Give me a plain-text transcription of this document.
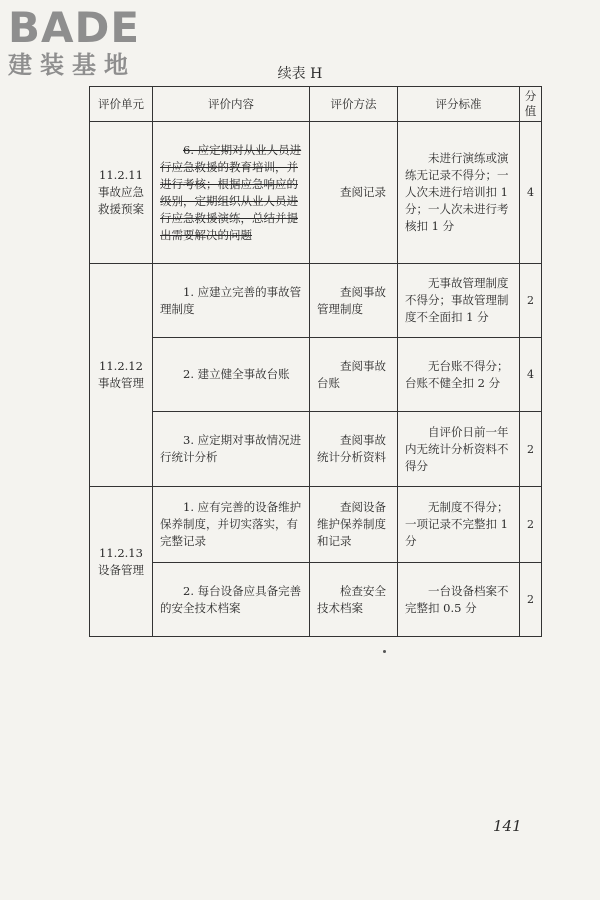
BADE
建装基地	续表 H
评价单元	评价内容	评价方法	评分标准	分值
11.2.11 事故应急救援预案	6. 应定期对从业人员进行应急救援的教育培训，并进行考核；根据应急响应的级别，定期组织从业人员进行应急救援演练，总结并提出需要解决的问题	查阅记录	未进行演练或演练无记录不得分；一人次未进行培训扣 1 分；一人次未进行考核扣 1 分	4
11.2.12 事故管理	1. 应建立完善的事故管理制度	查阅事故管理制度	无事故管理制度不得分；事故管理制度不全面扣 1 分	2
	2. 建立健全事故台账	查阅事故台账	无台账不得分；台账不健全扣 2 分	4
	3. 应定期对事故情况进行统计分析	查阅事故统计分析资料	自评价日前一年内无统计分析资料不得分	2
11.2.13 设备管理	1. 应有完善的设备维护保养制度，并切实落实，有完整记录	查阅设备维护保养制度和记录	无制度不得分；一项记录不完整扣 1 分	2
	2. 每台设备应具备完善的安全技术档案	检查安全技术档案	一台设备档案不完整扣 0.5 分	2
141
